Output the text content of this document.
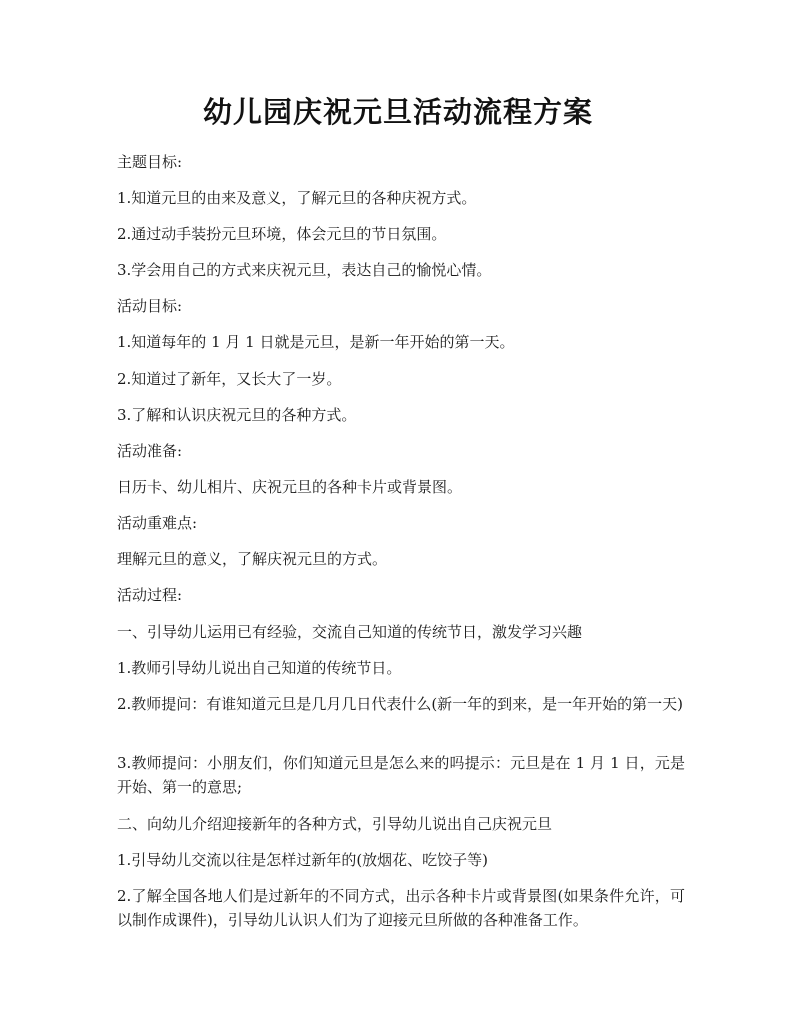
幼儿园庆祝元旦活动流程方案
主题目标:
1.知道元旦的由来及意义，了解元旦的各种庆祝方式。
2.通过动手装扮元旦环境，体会元旦的节日氛围。
3.学会用自己的方式来庆祝元旦，表达自己的愉悦心情。
活动目标:
1.知道每年的 1 月 1 日就是元旦，是新一年开始的第一天。
2.知道过了新年，又长大了一岁。
3.了解和认识庆祝元旦的各种方式。
活动准备:
日历卡、幼儿相片、庆祝元旦的各种卡片或背景图。
活动重难点:
理解元旦的意义，了解庆祝元旦的方式。
活动过程:
一、引导幼儿运用已有经验，交流自己知道的传统节日，激发学习兴趣
1.教师引导幼儿说出自己知道的传统节日。
2.教师提问：有谁知道元旦是几月几日代表什么(新一年的到来，是一年开始的第一天)
3.教师提问：小朋友们，你们知道元旦是怎么来的吗提示：元旦是在 1 月 1 日，元是开始、第一的意思;
二、向幼儿介绍迎接新年的各种方式，引导幼儿说出自己庆祝元旦
1.引导幼儿交流以往是怎样过新年的(放烟花、吃饺子等)
2.了解全国各地人们是过新年的不同方式，出示各种卡片或背景图(如果条件允许，可以制作成课件)，引导幼儿认识人们为了迎接元旦所做的各种准备工作。
